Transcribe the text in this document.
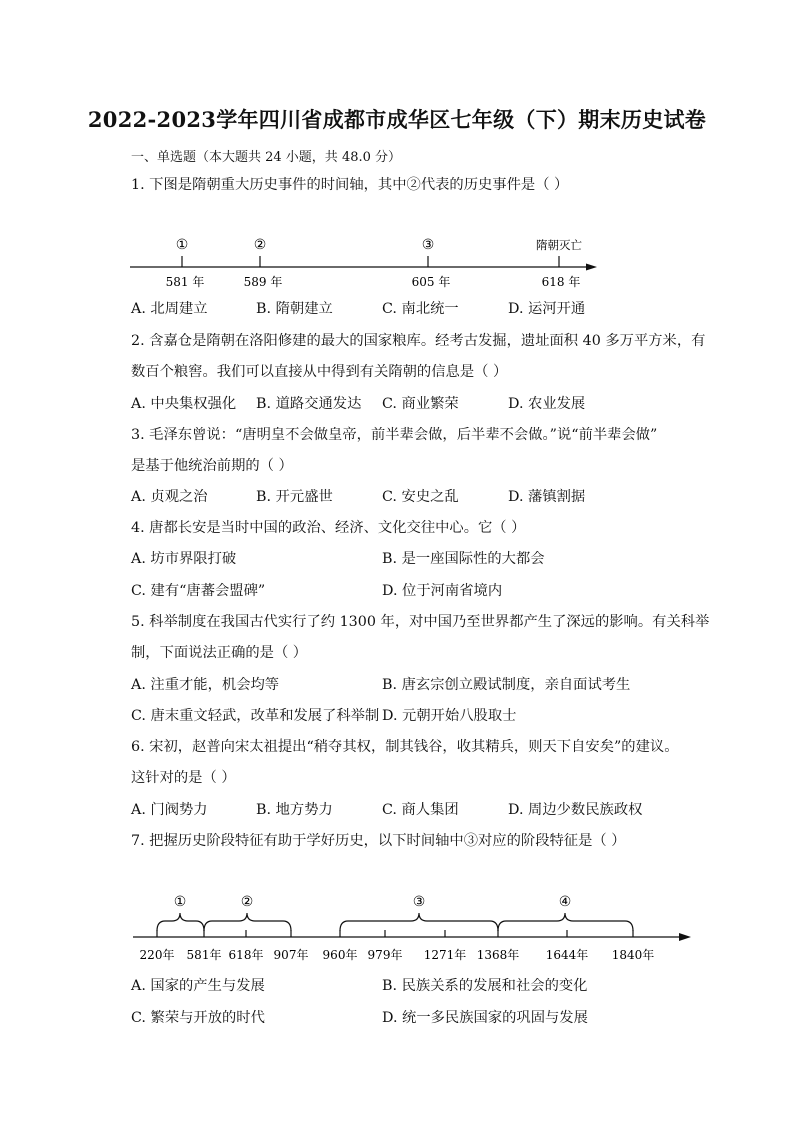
2022-2023学年四川省成都市成华区七年级（下）期末历史试卷
一、单选题（本大题共 24 小题，共 48.0 分）
1. 下图是隋朝重大历史事件的时间轴，其中②代表的历史事件是（ ）
①	②	③	隋朝灭亡
581 年	589 年	605 年	618 年
A. 北周建立	B. 隋朝建立	C. 南北统一	D. 运河开通
2. 含嘉仓是隋朝在洛阳修建的最大的国家粮库。经考古发掘，遗址面积 40 多万平方米，有
数百个粮窖。我们可以直接从中得到有关隋朝的信息是（ ）
A. 中央集权强化 B. 道路交通发达 C. 商业繁荣	D. 农业发展
3. 毛泽东曾说：“唐明皇不会做皇帝，前半辈会做，后半辈不会做。”说“前半辈会做”
是基于他统治前期的（ ）
A. 贞观之治	B. 开元盛世	C. 安史之乱	D. 藩镇割据
4. 唐都长安是当时中国的政治、经济、文化交往中心。它（ ）
A. 坊市界限打破	B. 是一座国际性的大都会
C. 建有“唐蕃会盟碑”	D. 位于河南省境内
5. 科举制度在我国古代实行了约 1300 年，对中国乃至世界都产生了深远的影响。有关科举
制，下面说法正确的是（ ）
A. 注重才能，机会均等	B. 唐玄宗创立殿试制度，亲自面试考生
C. 唐末重文轻武，改革和发展了科举制 D. 元朝开始八股取士
6. 宋初，赵普向宋太祖提出“稍夺其权，制其钱谷，收其精兵，则天下自安矣”的建议。
这针对的是（ ）
A. 门阀势力	B. 地方势力	C. 商人集团	D. 周边少数民族政权
7. 把握历史阶段特征有助于学好历史，以下时间轴中③对应的阶段特征是（ ）
①	②	③	④
220年 581年 618年 907年 960年 979年 1271年 1368年 1644年 1840年
A. 国家的产生与发展	B. 民族关系的发展和社会的变化
C. 繁荣与开放的时代	D. 统一多民族国家的巩固与发展
